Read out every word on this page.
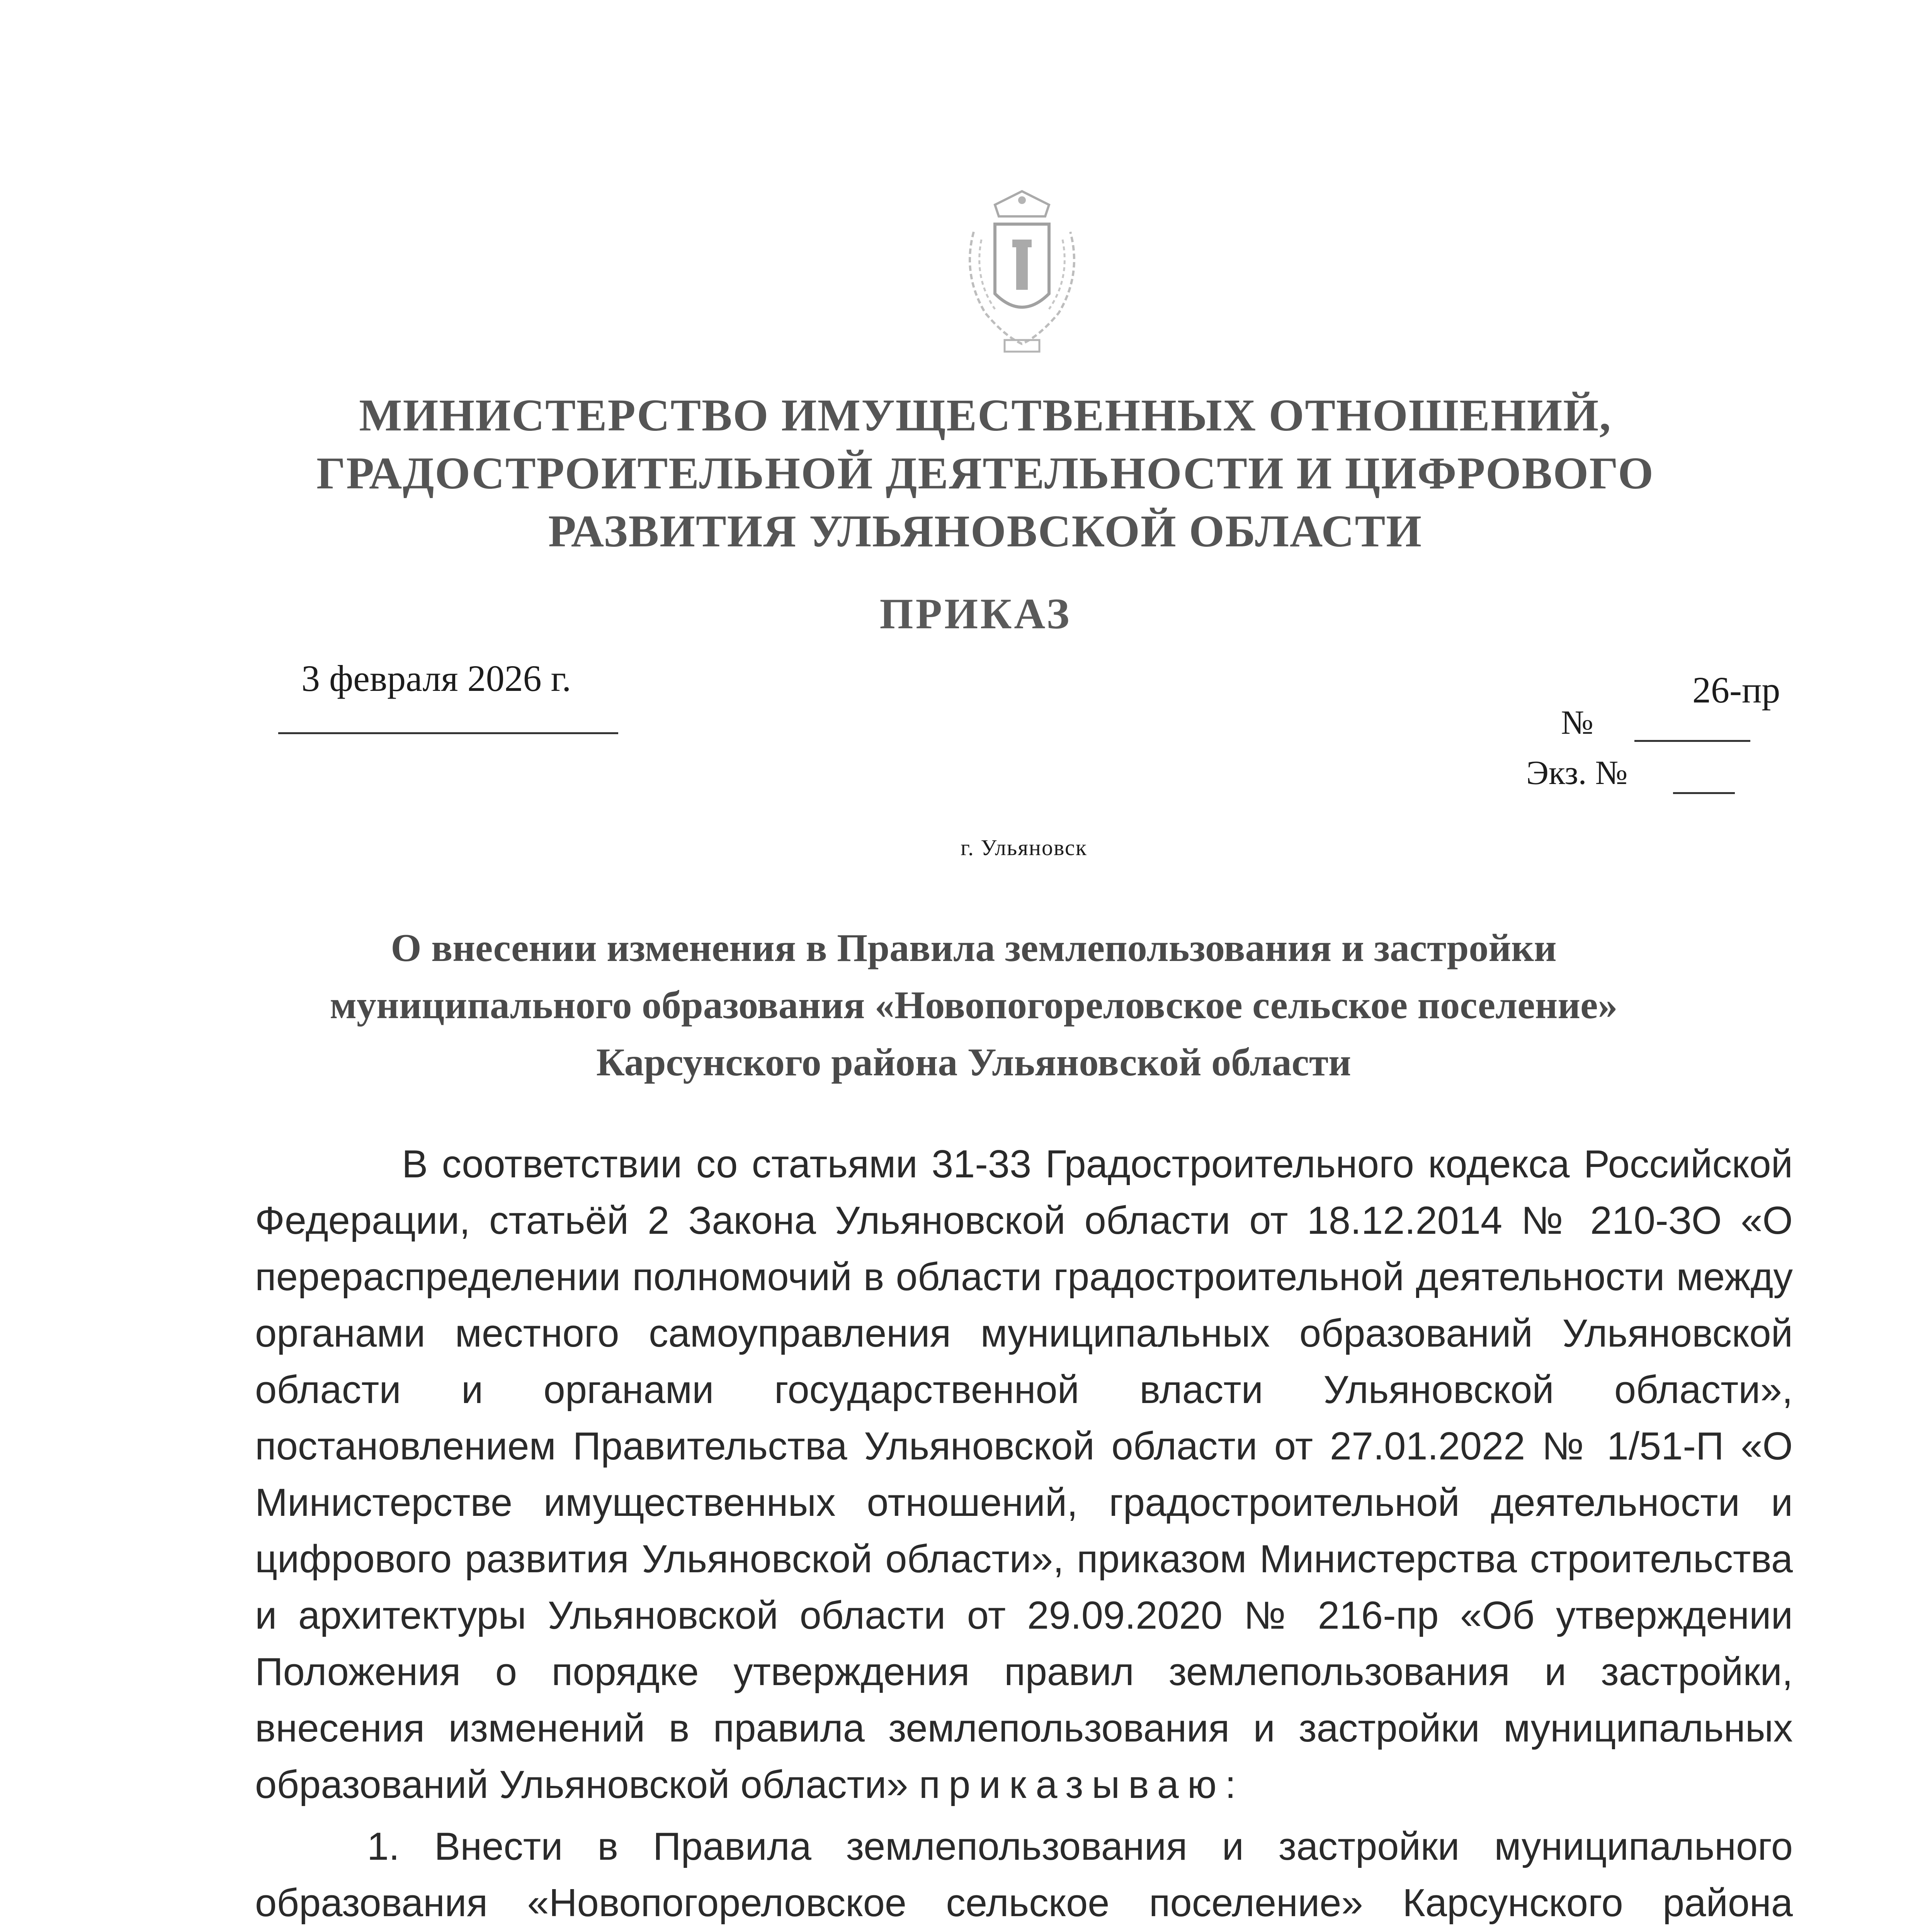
МИНИСТЕРСТВО ИМУЩЕСТВЕННЫХ ОТНОШЕНИЙ,
ГРАДОСТРОИТЕЛЬНОЙ ДЕЯТЕЛЬНОСТИ И ЦИФРОВОГО
РАЗВИТИЯ УЛЬЯНОВСКОЙ ОБЛАСТИ
ПРИКАЗ
3 февраля 2026 г.	26-пр
№
Экз. №
г. Ульяновск
О внесении изменения в Правила землепользования и застройки
муниципального образования «Новопогореловское сельское поселение»
Карсунского района Ульяновской области

В соответствии со статьями 31-33 Градостроительного кодекса Российской Федерации, статьёй 2 Закона Ульяновской области от 18.12.2014 № 210-ЗО «О перераспределении полномочий в области градостроительной деятельности между органами местного самоуправления муниципальных образований Ульяновской области и органами государственной власти Ульяновской области», постановлением Правительства Ульяновской области от 27.01.2022 № 1/51-П «О Министерстве имущественных отношений, градостроительной деятельности и цифрового развития Ульяновской области», приказом Министерства строительства и архитектуры Ульяновской области от 29.09.2020 № 216-пр «Об утверждении Положения о порядке утверждения правил землепользования и застройки, внесения изменений в правила землепользования и застройки муниципальных образований Ульяновской области» приказываю:

1. Внести в Правила землепользования и застройки муниципального образования «Новопогореловское сельское поселение» Карсунского района
